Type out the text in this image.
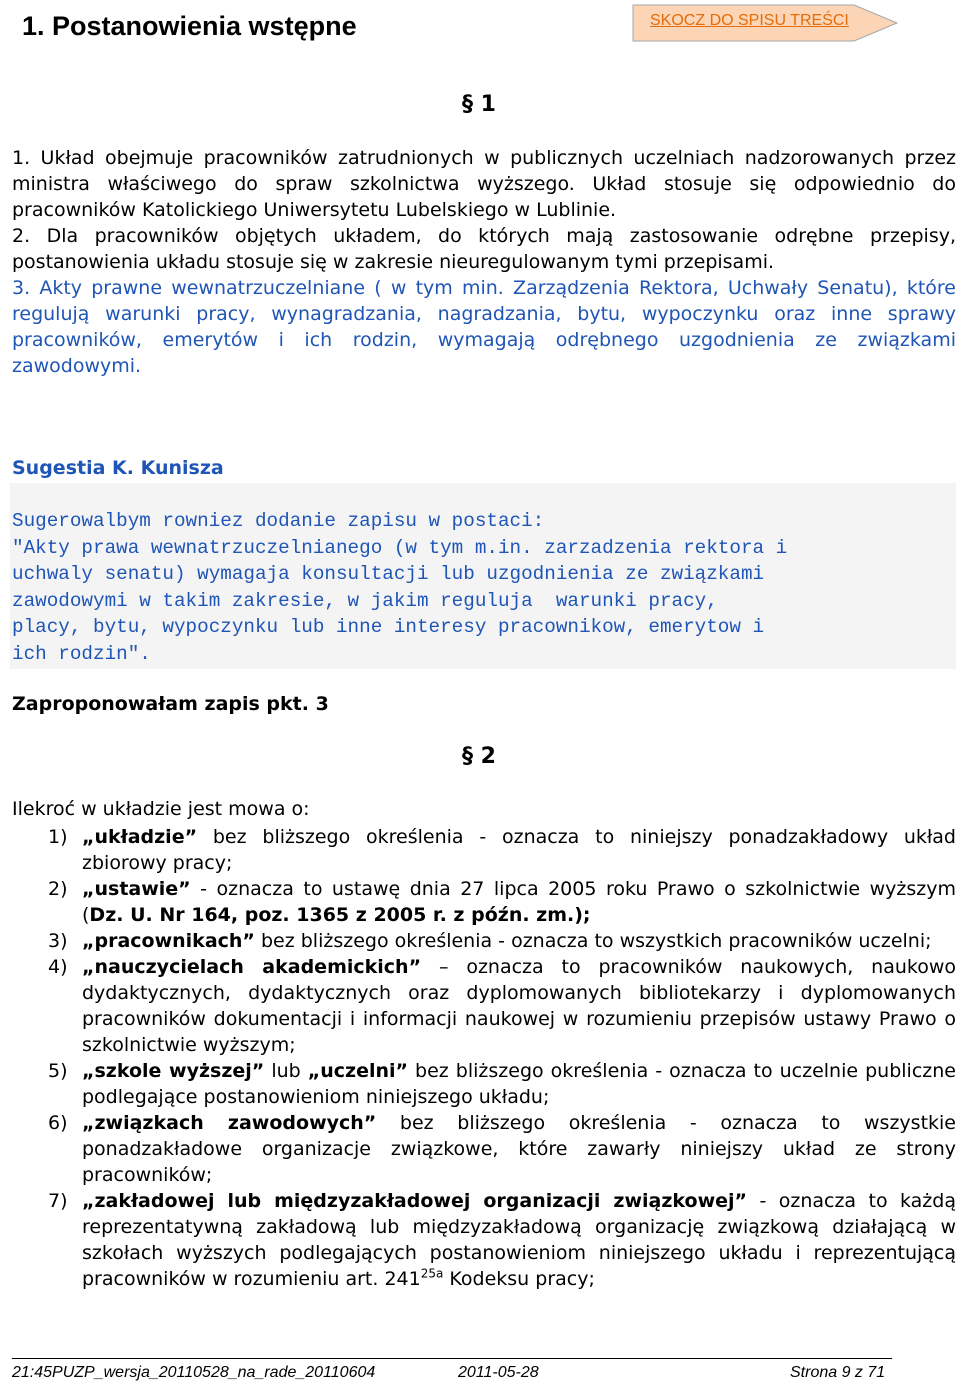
1. Postanowienia wstępne	SKOCZ DO SPISU TREŚCI
§ 1

1. Układ obejmuje pracowników zatrudnionych w publicznych uczelniach nadzorowanych przez ministra właściwego do spraw szkolnictwa wyższego. Układ stosuje się odpowiednio do pracowników Katolickiego Uniwersytetu Lubelskiego w Lublinie.

2. Dla pracowników objętych układem, do których mają zastosowanie odrębne przepisy, postanowienia układu stosuje się w zakresie nieuregulowanym tymi przepisami.

3. Akty prawne wewnatrzuczelniane ( w tym min. Zarządzenia Rektora, Uchwały Senatu), które regulują warunki pracy, wynagradzania, nagradzania, bytu, wypoczynku oraz inne sprawy pracowników, emerytów i ich rodzin, wymagają odrębnego uzgodnienia ze związkami zawodowymi.

Sugestia K. Kunisza
Sugerowalbym rowniez dodanie zapisu w postaci:
"Akty prawa wewnatrzuczelnianego (w tym m.in. zarzadzenia rektora i
uchwaly senatu) wymagaja konsultacji lub uzgodnienia ze związkami
zawodowymi w takim zakresie, w jakim reguluja  warunki pracy,
placy, bytu, wypoczynku lub inne interesy pracownikow, emerytow i
ich rodzin".
Zaproponowałam zapis pkt. 3
§ 2
Ilekroć w układzie jest mowa o:
1) „układzie” bez bliższego określenia - oznacza to niniejszy ponadzakładowy układ zbiorowy pracy;
2) „ustawie” - oznacza to ustawę dnia 27 lipca 2005 roku Prawo o szkolnictwie wyższym (Dz. U. Nr 164, poz. 1365 z 2005 r. z późn. zm.);
3) „pracownikach” bez bliższego określenia - oznacza to wszystkich pracowników uczelni;
4) „nauczycielach akademickich” – oznacza to pracowników naukowych, naukowo dydaktycznych, dydaktycznych oraz dyplomowanych bibliotekarzy i dyplomowanych pracowników dokumentacji i informacji naukowej w rozumieniu przepisów ustawy Prawo o szkolnictwie wyższym;
5) „szkole wyższej” lub „uczelni” bez bliższego określenia - oznacza to uczelnie publiczne podlegające postanowieniom niniejszego układu;
6) „związkach zawodowych” bez bliższego określenia - oznacza to wszystkie ponadzakładowe organizacje związkowe, które zawarły niniejszy układ ze strony pracowników;
7) „zakładowej lub międzyzakładowej organizacji związkowej” - oznacza to każdą reprezentatywną zakładową lub międzyzakładową organizację związkową działającą w szkołach wyższych podlegających postanowieniom niniejszego układu i reprezentującą pracowników w rozumieniu art. $241^{25a}$ Kodeksu pracy;
21:45PUZP_wersja_20110528_na_rade_20110604	2011-05-28	Strona 9 z 71
